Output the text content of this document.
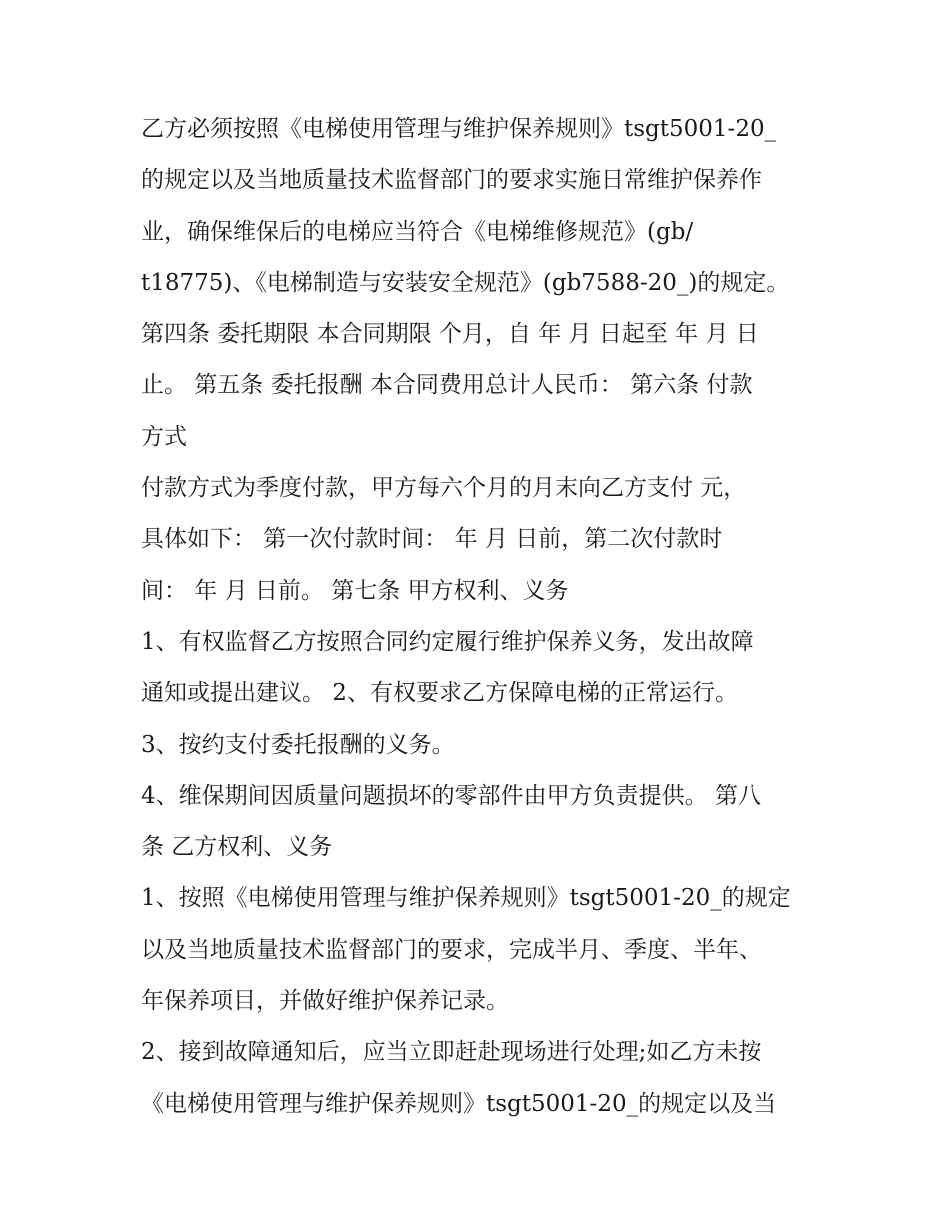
乙方必须按照《电梯使用管理与维护保养规则》tsgt5001-20_
的规定以及当地质量技术监督部门的要求实施日常维护保养作
业，确保维保后的电梯应当符合《电梯维修规范》(gb/
t18775)、《电梯制造与安装安全规范》(gb7588-20_)的规定。
第四条 委托期限 本合同期限 个月，自 年 月 日起至 年 月 日
止。 第五条 委托报酬 本合同费用总计人民币： 第六条 付款
方式
付款方式为季度付款，甲方每六个月的月末向乙方支付 元，
具体如下： 第一次付款时间： 年 月 日前，第二次付款时
间： 年 月 日前。 第七条 甲方权利、义务
1、有权监督乙方按照合同约定履行维护保养义务，发出故障
通知或提出建议。 2、有权要求乙方保障电梯的正常运行。
3、按约支付委托报酬的义务。
4、维保期间因质量问题损坏的零部件由甲方负责提供。 第八
条 乙方权利、义务
1、按照《电梯使用管理与维护保养规则》tsgt5001-20_的规定
以及当地质量技术监督部门的要求，完成半月、季度、半年、
年保养项目，并做好维护保养记录。
2、接到故障通知后，应当立即赶赴现场进行处理;如乙方未按
《电梯使用管理与维护保养规则》tsgt5001-20_的规定以及当
